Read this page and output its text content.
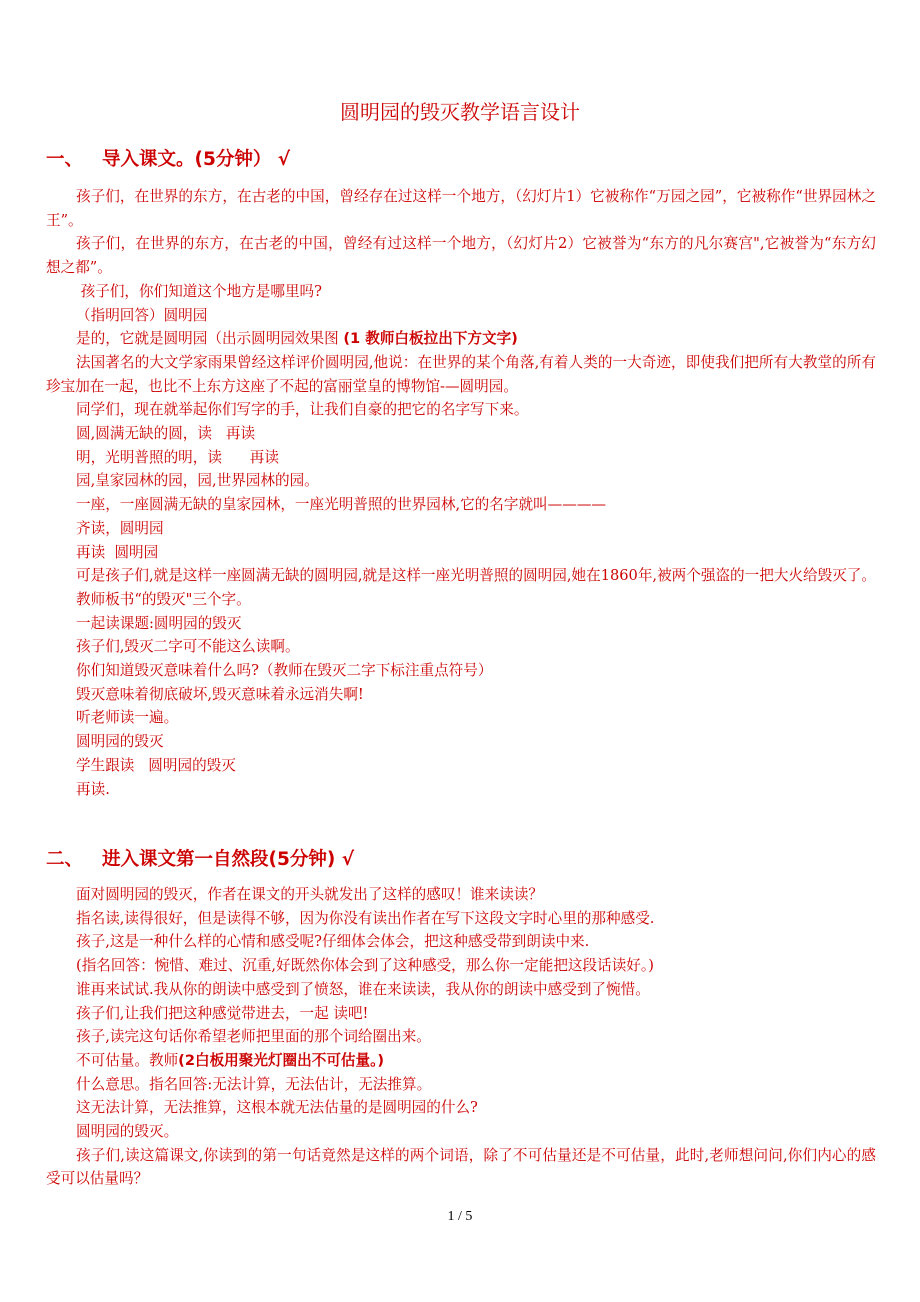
圆明园的毁灭教学语言设计
一、 导入课文。(5分钟） √

孩子们，在世界的东方，在古老的中国，曾经存在过这样一个地方，（幻灯片1）它被称作“万园之园”，它被称作“世界园林之王”。

孩子们，在世界的东方，在古老的中国，曾经有过这样一个地方，（幻灯片2）它被誉为“东方的凡尔赛宫",它被誉为“东方幻想之都”。

孩子们，你们知道这个地方是哪里吗?

（指明回答）圆明园

是的，它就是圆明园（出示圆明园效果图 (1 教师白板拉出下方文字)

法国著名的大文学家雨果曾经这样评价圆明园,他说：在世界的某个角落,有着人类的一大奇迹，即使我们把所有大教堂的所有珍宝加在一起，也比不上东方这座了不起的富丽堂皇的博物馆-—圆明园。

同学们，现在就举起你们写字的手，让我们自豪的把它的名字写下来。

圆,圆满无缺的圆，读   再读

明，光明普照的明，读      再读

园,皇家园林的园，园,世界园林的园。

一座，一座圆满无缺的皇家园林，一座光明普照的世界园林,它的名字就叫————

齐读，圆明园

再读  圆明园

可是孩子们,就是这样一座圆满无缺的圆明园,就是这样一座光明普照的圆明园,她在1860年,被两个强盗的一把大火给毁灭了。

教师板书“的毁灭"三个字。

一起读课题:圆明园的毁灭

孩子们,毁灭二字可不能这么读啊。

你们知道毁灭意味着什么吗?（教师在毁灭二字下标注重点符号）

毁灭意味着彻底破坏,毁灭意味着永远消失啊!

听老师读一遍。

圆明园的毁灭

学生跟读   圆明园的毁灭

再读.

二、 进入课文第一自然段(5分钟) √

面对圆明园的毁灭，作者在课文的开头就发出了这样的感叹！谁来读读？

指名读,读得很好，但是读得不够，因为你没有读出作者在写下这段文字时心里的那种感受.

孩子,这是一种什么样的心情和感受呢?仔细体会体会，把这种感受带到朗读中来.

(指名回答：惋惜、难过、沉重,好既然你体会到了这种感受，那么你一定能把这段话读好。)

谁再来试试.我从你的朗读中感受到了愤怒，谁在来读读，我从你的朗读中感受到了惋惜。

孩子们,让我们把这种感觉带进去，一起 读吧!

孩子,读完这句话你希望老师把里面的那个词给圈出来。

不可估量。教师(2白板用聚光灯圈出不可估量。)

什么意思。指名回答:无法计算，无法估计，无法推算。

这无法计算，无法推算，这根本就无法估量的是圆明园的什么?

圆明园的毁灭。

孩子们,读这篇课文,你读到的第一句话竟然是这样的两个词语，除了不可估量还是不可估量，此时,老师想问问,你们内心的感受可以估量吗？

1 / 5
